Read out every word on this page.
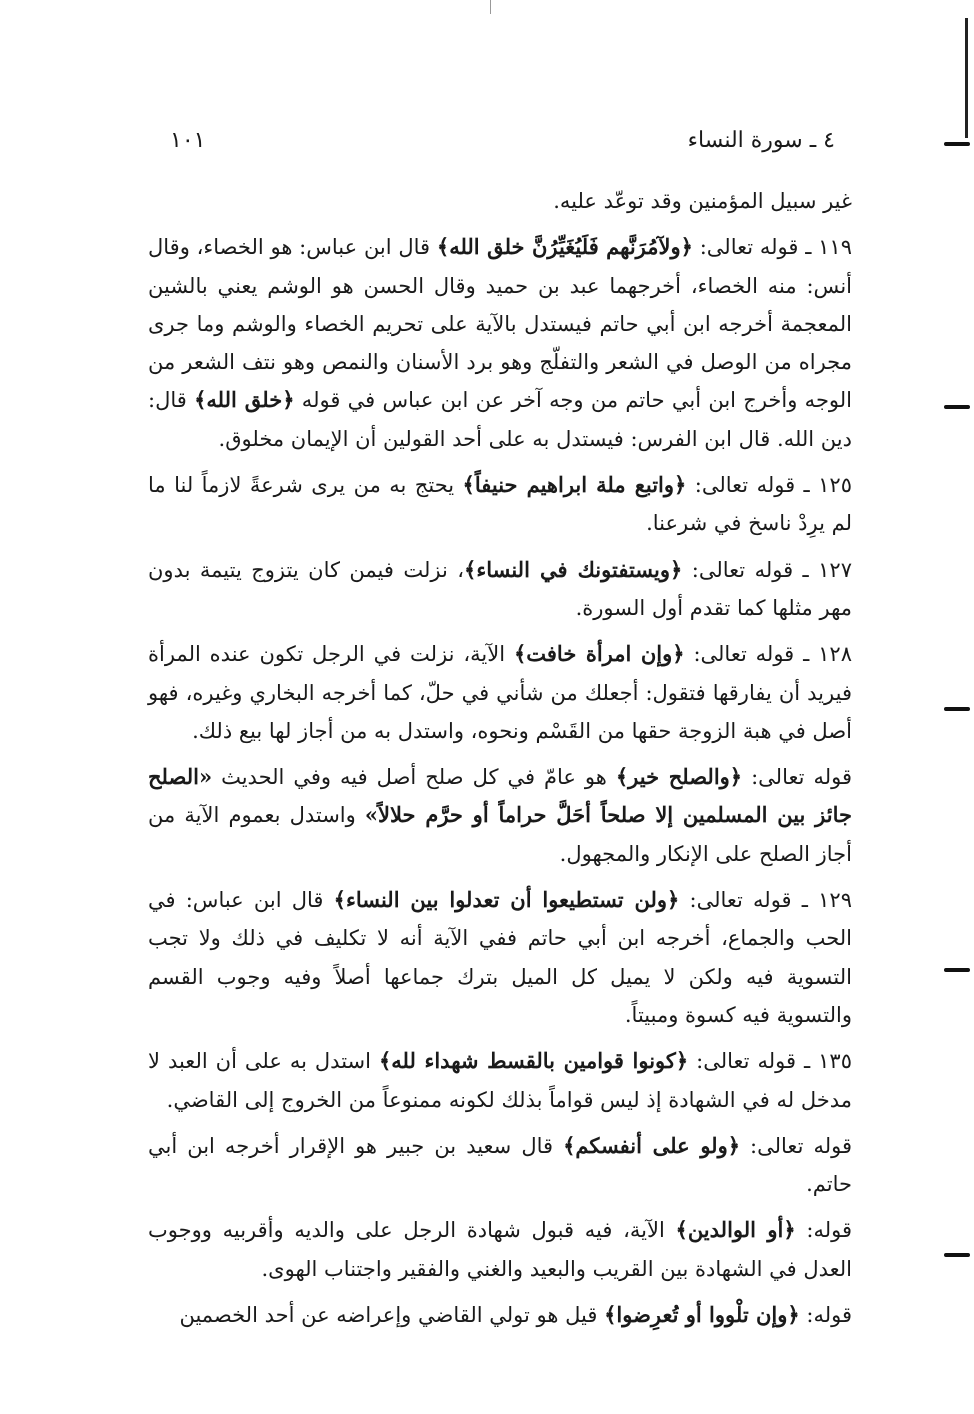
٤ ـ سورة النساء
١٠١

غير سبيل المؤمنين وقد توعّد عليه.

١١٩ ـ قوله تعالى: ﴿ولآمُرَنَّهم فَلَيُغَيِّرُنَّ خلق الله﴾ قال ابن عباس: هو الخصاء، وقال أنس: منه الخصاء، أخرجهما عبد بن حميد وقال الحسن هو الوشم يعني بالشين المعجمة أخرجه ابن أبي حاتم فيستدل بالآية على تحريم الخصاء والوشم وما جرى مجراه من الوصل في الشعر والتفلّج وهو برد الأسنان والنمص وهو نتف الشعر من الوجه وأخرج ابن أبي حاتم من وجه آخر عن ابن عباس في قوله ﴿خلق الله﴾ قال: دين الله. قال ابن الفرس: فيستدل به على أحد القولين أن الإيمان مخلوق.

١٢٥ ـ قوله تعالى: ﴿واتبع ملة ابراهيم حنيفاً﴾ يحتج به من يرى شرعةً لازماً لنا ما لم يرِدْ ناسخ في شرعنا.

١٢٧ ـ قوله تعالى: ﴿ويستفتونك في النساء﴾، نزلت فيمن كان يتزوج يتيمة بدون مهر مثلها كما تقدم أول السورة.

١٢٨ ـ قوله تعالى: ﴿وإن امرأة خافت﴾ الآية، نزلت في الرجل تكون عنده المرأة فيريد أن يفارقها فتقول: أجعلك من شأني في حلّ، كما أخرجه البخاري وغيره، فهو أصل في هبة الزوجة حقها من القَسْم ونحوه، واستدل به من أجاز لها بيع ذلك.

قوله تعالى: ﴿والصلح خير﴾ هو عامّ في كل صلح أصل فيه وفي الحديث «الصلح جائز بين المسلمين إلا صلحاً أحَلَّ حراماً أو حرَّم حلالاً» واستدل بعموم الآية من أجاز الصلح على الإنكار والمجهول.

١٢٩ ـ قوله تعالى: ﴿ولن تستطيعوا أن تعدلوا بين النساء﴾ قال ابن عباس: في الحب والجماع، أخرجه ابن أبي حاتم ففي الآية أنه لا تكليف في ذلك ولا تجب التسوية فيه ولكن لا يميل كل الميل بترك جماعها أصلاً وفيه وجوب القسم والتسوية فيه كسوة ومبيتاً.

١٣٥ ـ قوله تعالى: ﴿كونوا قوامين بالقسط شهداء لله﴾ استدل به على أن العبد لا مدخل له في الشهادة إذ ليس قواماً بذلك لكونه ممنوعاً من الخروج إلى القاضي.

قوله تعالى: ﴿ولو على أنفسكم﴾ قال سعيد بن جبير هو الإقرار أخرجه ابن أبي حاتم.

قوله: ﴿أو الوالدين﴾ الآية، فيه قبول شهادة الرجل على والديه وأقربيه ووجوب العدل في الشهادة بين القريب والبعيد والغني والفقير واجتناب الهوى.

قوله: ﴿وإن تلْووا أو تُعرِضوا﴾ قيل هو تولي القاضي وإعراضه عن أحد الخصمين
